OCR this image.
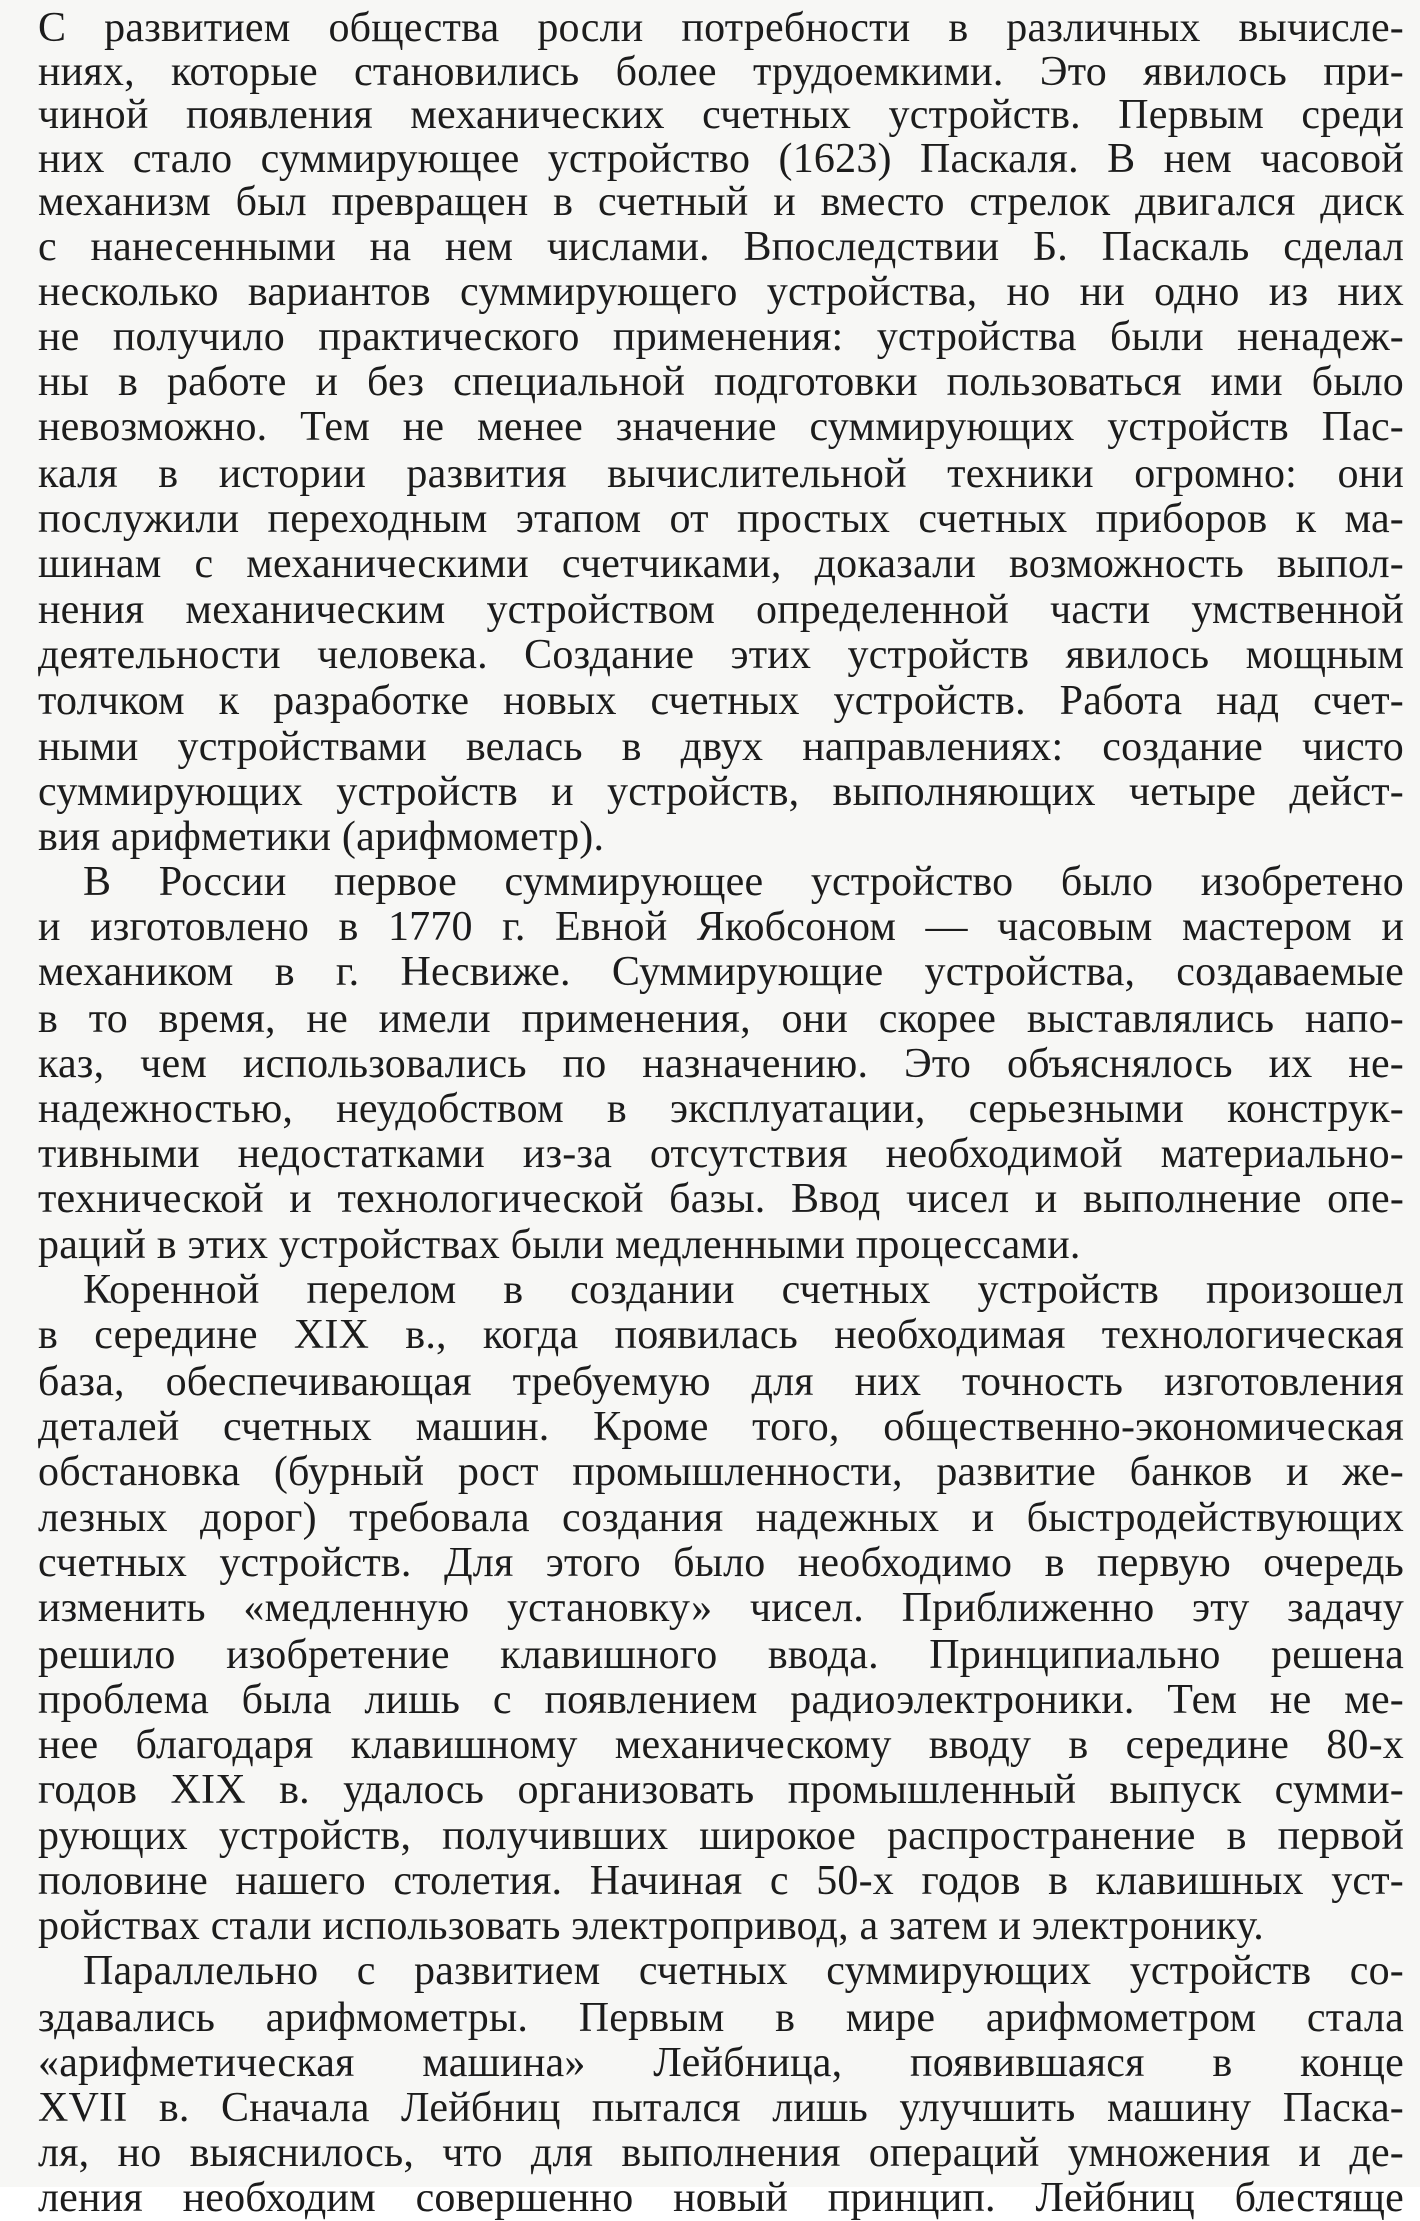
С развитием общества росли потребности в различных вычисле-
ниях, которые становились более трудоемкими. Это явилось при-
чиной появления механических счетных устройств. Первым среди
них стало суммирующее устройство (1623) Паскаля. В нем часовой
механизм был превращен в счетный и вместо стрелок двигался диск
с нанесенными на нем числами. Впоследствии Б. Паскаль сделал
несколько вариантов суммирующего устройства, но ни одно из них
не получило практического применения: устройства были ненадеж-
ны в работе и без специальной подготовки пользоваться ими было
невозможно. Тем не менее значение суммирующих устройств Пас-
каля в истории развития вычислительной техники огромно: они
послужили переходным этапом от простых счетных приборов к ма-
шинам с механическими счетчиками, доказали возможность выпол-
нения механическим устройством определенной части умственной
деятельности человека. Создание этих устройств явилось мощным
толчком к разработке новых счетных устройств. Работа над счет-
ными устройствами велась в двух направлениях: создание чисто
суммирующих устройств и устройств, выполняющих четыре дейст-
вия арифметики (арифмометр).
В России первое суммирующее устройство было изобретено
и изготовлено в 1770 г. Евной Якобсоном — часовым мастером и
механиком в г. Несвиже. Суммирующие устройства, создаваемые
в то время, не имели применения, они скорее выставлялись напо-
каз, чем использовались по назначению. Это объяснялось их не-
надежностью, неудобством в эксплуатации, серьезными конструк-
тивными недостатками из-за отсутствия необходимой материально-
технической и технологической базы. Ввод чисел и выполнение опе-
раций в этих устройствах были медленными процессами.
Коренной перелом в создании счетных устройств произошел
в середине XIX в., когда появилась необходимая технологическая
база, обеспечивающая требуемую для них точность изготовления
деталей счетных машин. Кроме того, общественно-экономическая
обстановка (бурный рост промышленности, развитие банков и же-
лезных дорог) требовала создания надежных и быстродействующих
счетных устройств. Для этого было необходимо в первую очередь
изменить «медленную установку» чисел. Приближенно эту задачу
решило изобретение клавишного ввода. Принципиально решена
проблема была лишь с появлением радиоэлектроники. Тем не ме-
нее благодаря клавишному механическому вводу в середине 80-х
годов XIX в. удалось организовать промышленный выпуск сумми-
рующих устройств, получивших широкое распространение в первой
половине нашего столетия. Начиная с 50-х годов в клавишных уст-
ройствах стали использовать электропривод, а затем и электронику.
Параллельно с развитием счетных суммирующих устройств со-
здавались арифмометры. Первым в мире арифмометром стала
«арифметическая машина» Лейбница, появившаяся в конце
XVII в. Сначала Лейбниц пытался лишь улучшить машину Паска-
ля, но выяснилось, что для выполнения операций умножения и де-
ления необходим совершенно новый принцип. Лейбниц блестяще
